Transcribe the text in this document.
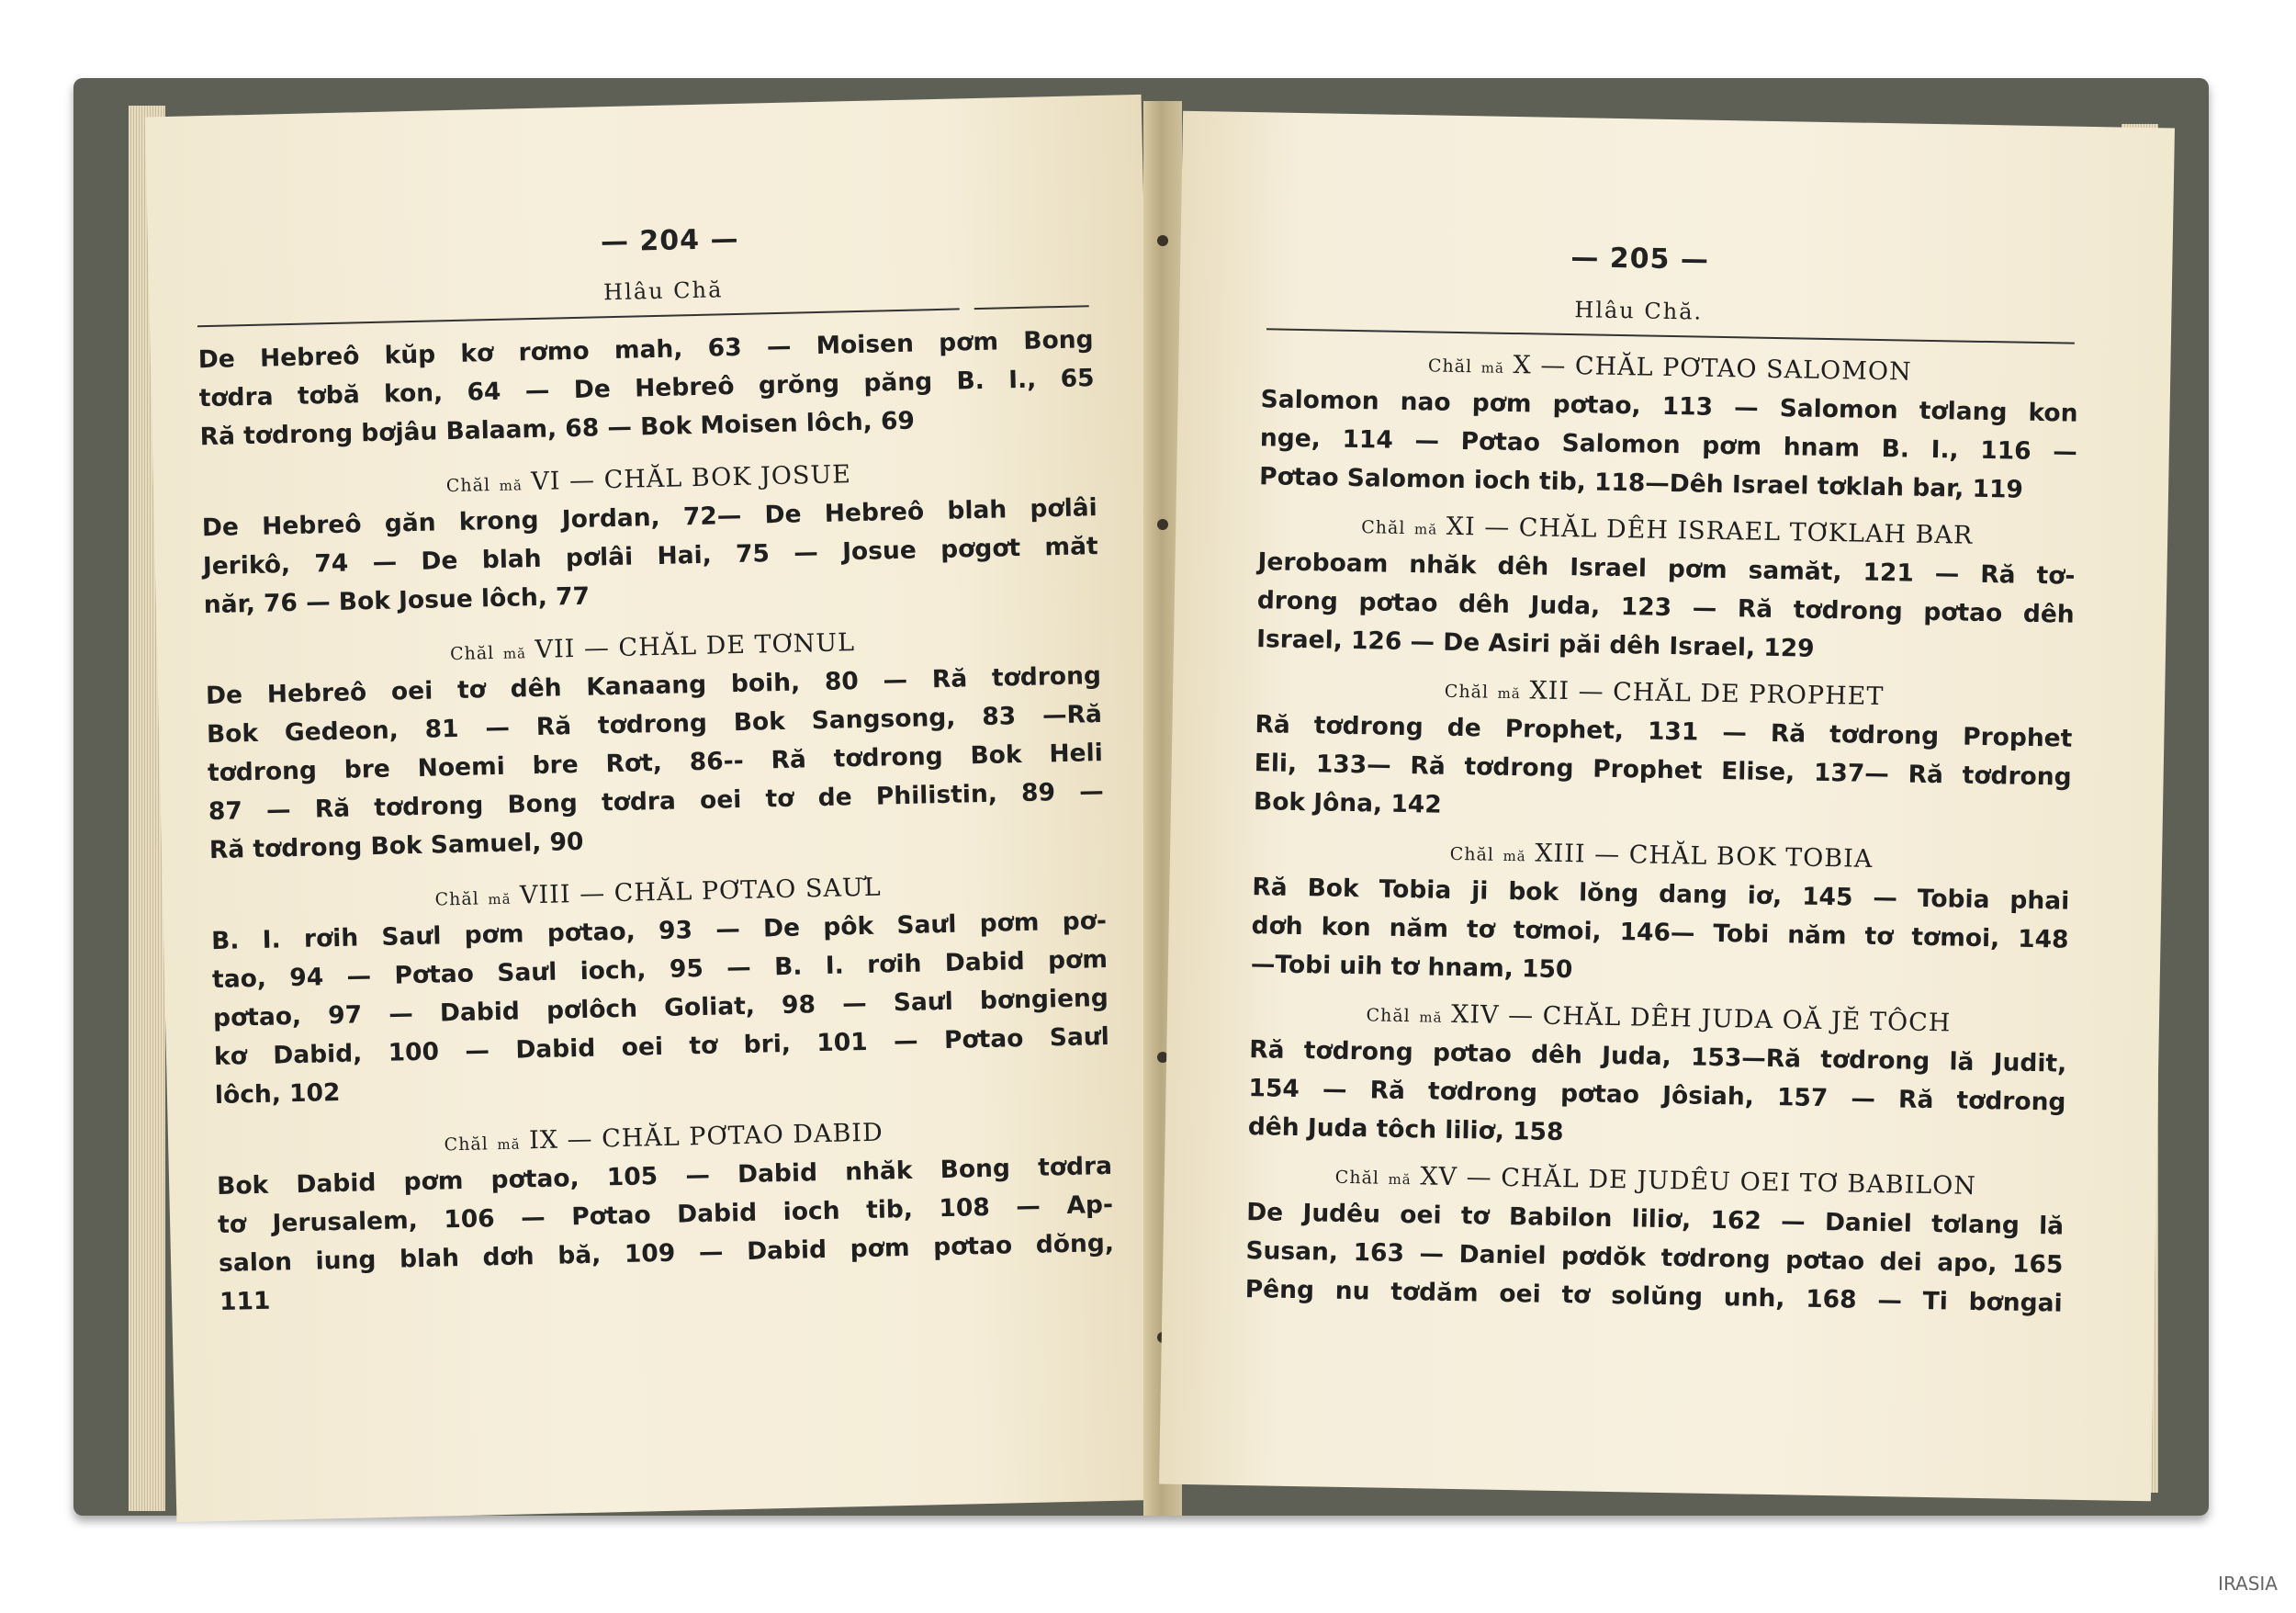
— 204 —
Hlâu Chă

De Hebreô kŭp kơ rơmo mah, 63 — Moisen pơm Bong

tơdra tơbă kon, 64 — De Hebreô grŏng păng B. I., 65

Ră tơdrong bơjâu Balaam, 68 — Bok Moisen lôch, 69

Chăl mă VI — CHĂL BOK JOSUE

De Hebreô găn krong Jordan, 72— De Hebreô blah pơlâi

Jerikô, 74 — De blah pơlâi Hai, 75 — Josue pơgơt măt

năr, 76 — Bok Josue lôch, 77

Chăl mă VII — CHĂL DE TƠNUL

De Hebreô oei tơ dêh Kanaang boih, 80 — Ră tơdrong

Bok Gedeon, 81 — Ră tơdrong Bok Sangsong, 83 —Ră

tơdrong bre Noemi bre Rơt, 86-- Ră tơdrong Bok Heli

87 — Ră tơdrong Bong tơdra oei tơ de Philistin, 89 —

Ră tơdrong Bok Samuel, 90

Chăl mă VIII — CHĂL PƠTAO SAƯL

B. I. rơih Saưl pơm pơtao, 93 — De pôk Saưl pơm pơ-

tao, 94 — Pơtao Saưl ioch, 95 — B. I. rơih Dabid pơm

pơtao, 97 — Dabid pơlôch Goliat, 98 — Saưl bơngieng

kơ Dabid, 100 — Dabid oei tơ bri, 101 — Pơtao Saưl

lôch, 102

Chăl mă IX — CHĂL PƠTAO DABID

Bok Dabid pơm pơtao, 105 — Dabid nhăk Bong tơdra

tơ Jerusalem, 106 — Pơtao Dabid ioch tib, 108 — Ap-

salon iung blah dơh bă, 109 — Dabid pơm pơtao dŏng,

111

— 205 —
Hlâu Chă.
Chăl mă X — CHĂL PƠTAO SALOMON

Salomon nao pơm pơtao, 113 — Salomon tơlang kon

nge, 114 — Pơtao Salomon pơm hnam B. I., 116 —

Pơtao Salomon ioch tib, 118—Dêh Israel tơklah bar, 119

Chăl mă XI — CHĂL DÊH ISRAEL TƠKLAH BAR

Jeroboam nhăk dêh Israel pơm samăt, 121 — Ră tơ-

drong pơtao dêh Juda, 123 — Ră tơdrong pơtao dêh

Israel, 126 — De Asiri păi dêh Israel, 129

Chăl mă XII — CHĂL DE PROPHET

Ră tơdrong de Prophet, 131 — Ră tơdrong Prophet

Eli, 133— Ră tơdrong Prophet Elise, 137— Ră tơdrong

Bok Jôna, 142

Chăl mă XIII — CHĂL BOK TOBIA

Ră Bok Tobia ji bok lŏng dang iơ, 145 — Tobia phai

dơh kon năm tơ tơmoi, 146— Tobi năm tơ tơmoi, 148

—Tobi uih tơ hnam, 150

Chăl mă XIV — CHĂL DÊH JUDA OĂ JĔ TÔCH

Ră tơdrong pơtao dêh Juda, 153—Ră tơdrong lă Judit,

154 — Ră tơdrong pơtao Jôsiah, 157 — Ră tơdrong

dêh Juda tôch liliơ, 158

Chăl mă XV — CHĂL DE JUDÊU OEI TƠ BABILON

De Judêu oei tơ Babilon liliơ, 162 — Daniel tơlang lă

Susan, 163 — Daniel pơdŏk tơdrong pơtao dei apo, 165

Pêng nu tơdăm oei tơ solŭng unh, 168 — Ti bơngai

IRASIA
